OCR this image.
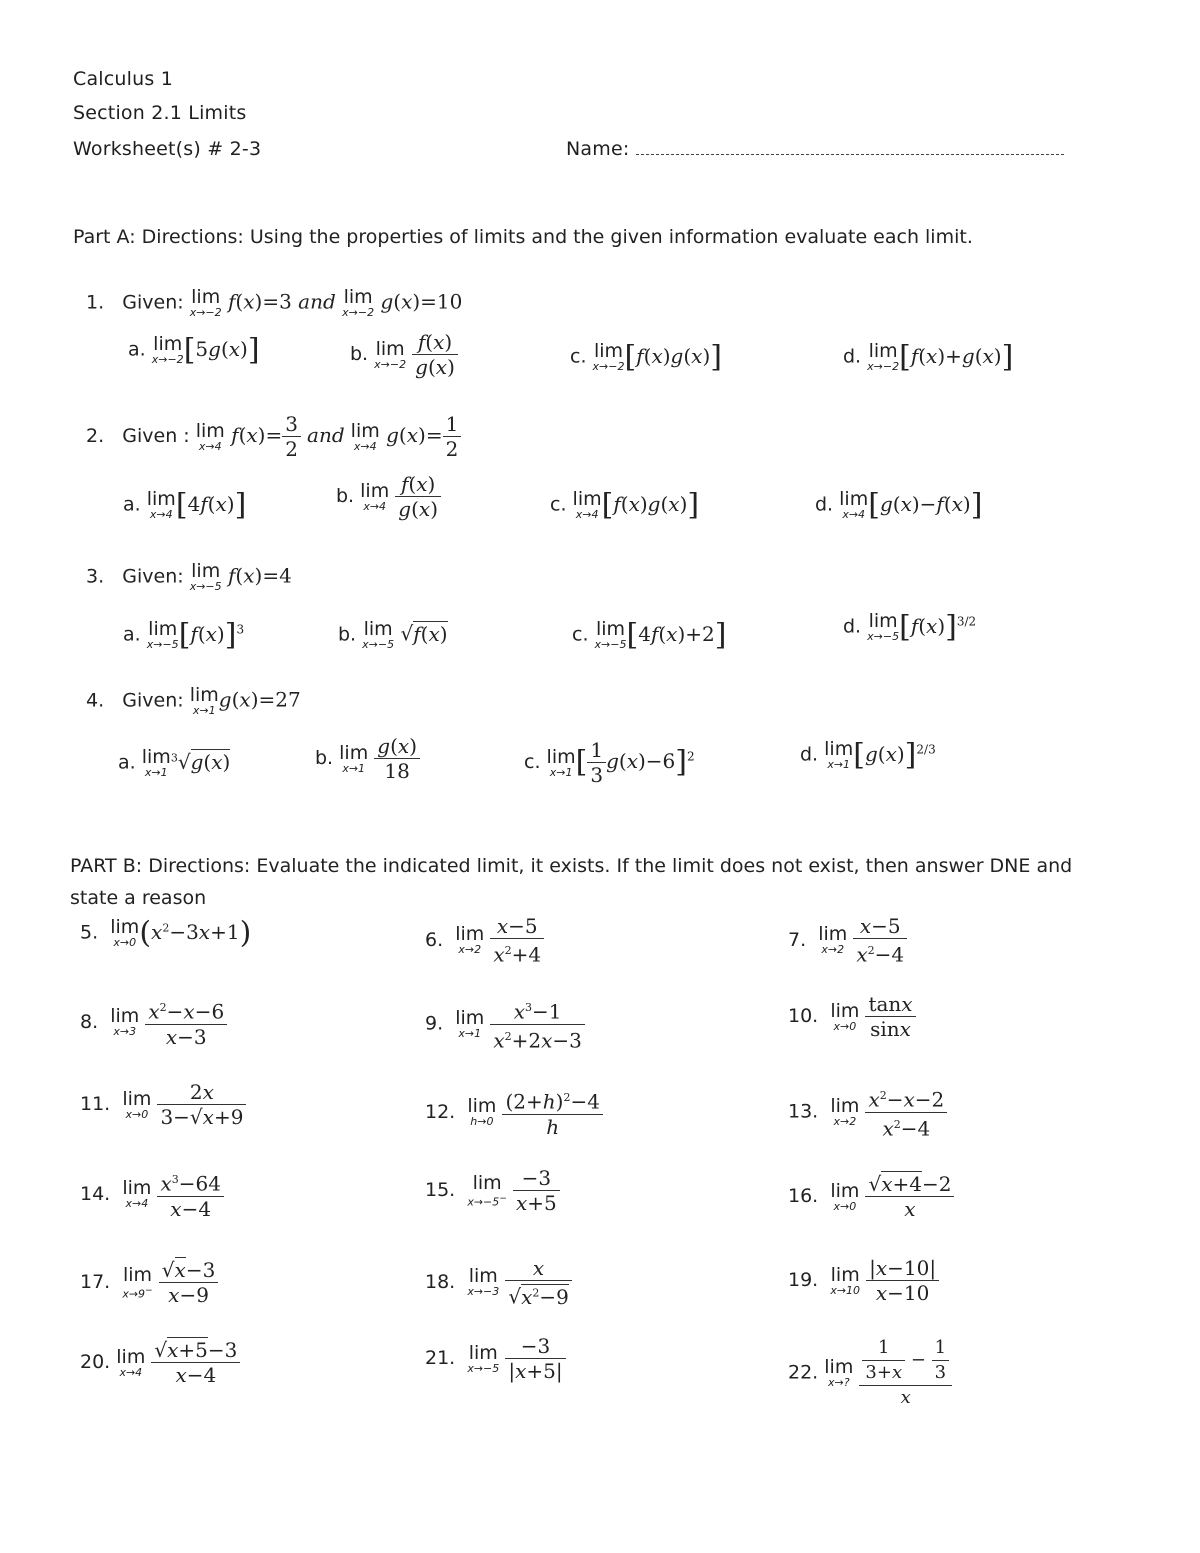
Calculus 1
Section 2.1 Limits
Worksheet(s) # 2-3	Name:
Part A: Directions: Using the properties of limits and the given information evaluate each limit.
1. Given: lim
x→−2 f(x)=3 and lim
x→−2 g(x)=10
a. lim
x→−2 [5g(x)]	b. lim
x→−2
$\frac{f(x)}{g(x)}$	c. lim
x→−2 [f(x)g(x)]	d. lim
x→−2 [f(x)+g(x)]
2. Given : lim
x→4 $f(x)= \frac{3}{2}$ and lim
x→4 $g(x)= \frac{1}{2}$
a. lim
x→4 [4f(x)]	b. lim
x→4
$\frac{f(x)}{g(x)}$	c. lim
x→4 [f(x)g(x)]	d. lim
x→4 [g(x)−f(x)]
3. Given: lim
x→−5 f(x)=4
a. lim
x→−5 $[f(x)]^3$	b. lim
x→−5 √f(x)	c. lim
x→−5 [4f(x)+2]	d. lim
x→−5 $[f(x)]^{3/2}$
4. Given: lim
x→1 g(x)=27
a. lim
x→1
$^3$√g(x)	b. lim
x→1
$\frac{g(x)}{18}$	c. lim
x→1 [ $\frac{1}{3} g(x)-6]^2$	d. lim
x→1 $[g(x)]^{2/3}$
PART B: Directions: Evaluate the indicated limit, it exists. If the limit does not exist, then answer DNE and
state a reason
5. lim
x→0 $(x^2-3x+1)$	6. lim
x→2
$\frac{x-5}{x^2+4}$	7. lim
x→2
$\frac{x-5}{x^2-4}$
8. lim
x→3
$\frac{x^2-x-6}{x-3}$	9. lim
x→1
$\frac{x^3-1}{x^2+2x-3}$	10. lim
x→0
$\frac{\tan x}{\sin x}$
11. lim
x→0
$\frac{2x}{3-√x+9}$	12. lim
h→0
$\frac{(2+h)^2-4}{h}$	13. lim
x→2
$\frac{x^2-x-2}{x^2-4}$
14. lim
x→4
$\frac{x^3-64}{x-4}$	15. lim
x→−5−
$\frac{-3}{x+5}$	16. lim
x→0
$\frac{√x+4-2}{x}$
17. lim
x→9−
$\frac{√x-3}{x-9}$	18. lim
x→−3
$\frac{x}{√x^2-9}$	19. lim
x→10
$\frac{|x-10|}{x-10}$
20. lim
x→4
$\frac{√x+5-3}{x-4}$	21. lim
x→−5
$\frac{-3}{|x+5|}$	22. lim
x→?
$\frac{\frac{1}{3+x} - \frac{1}{3}}{x}$
